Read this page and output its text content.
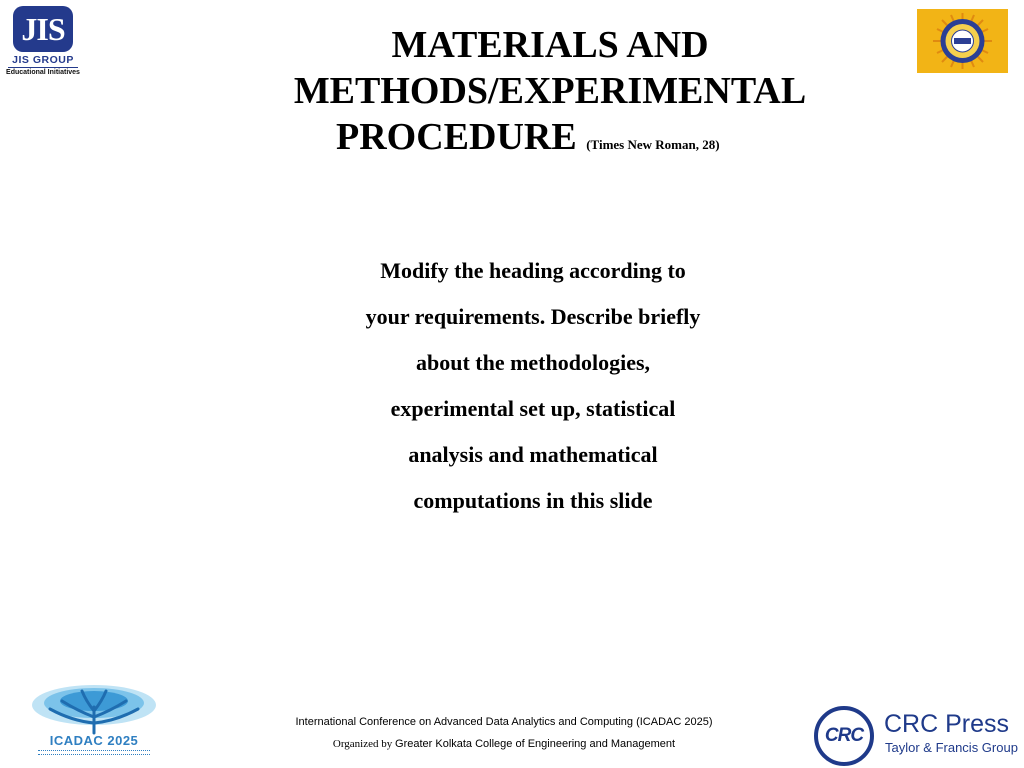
JIS
JIS GROUP
Educational Initiatives
MATERIALS AND
METHODS/EXPERIMENTAL
PROCEDURE (Times New Roman, 28)
Modify the heading according to
your requirements. Describe briefly
about the methodologies,
experimental set up, statistical
analysis and mathematical
computations in this slide
ICADAC 2025
International Conference on Advanced Data Analytics and Computing (ICADAC 2025)
Organized by Greater Kolkata College of Engineering and Management	CRC CRC Press
Taylor & Francis Group
